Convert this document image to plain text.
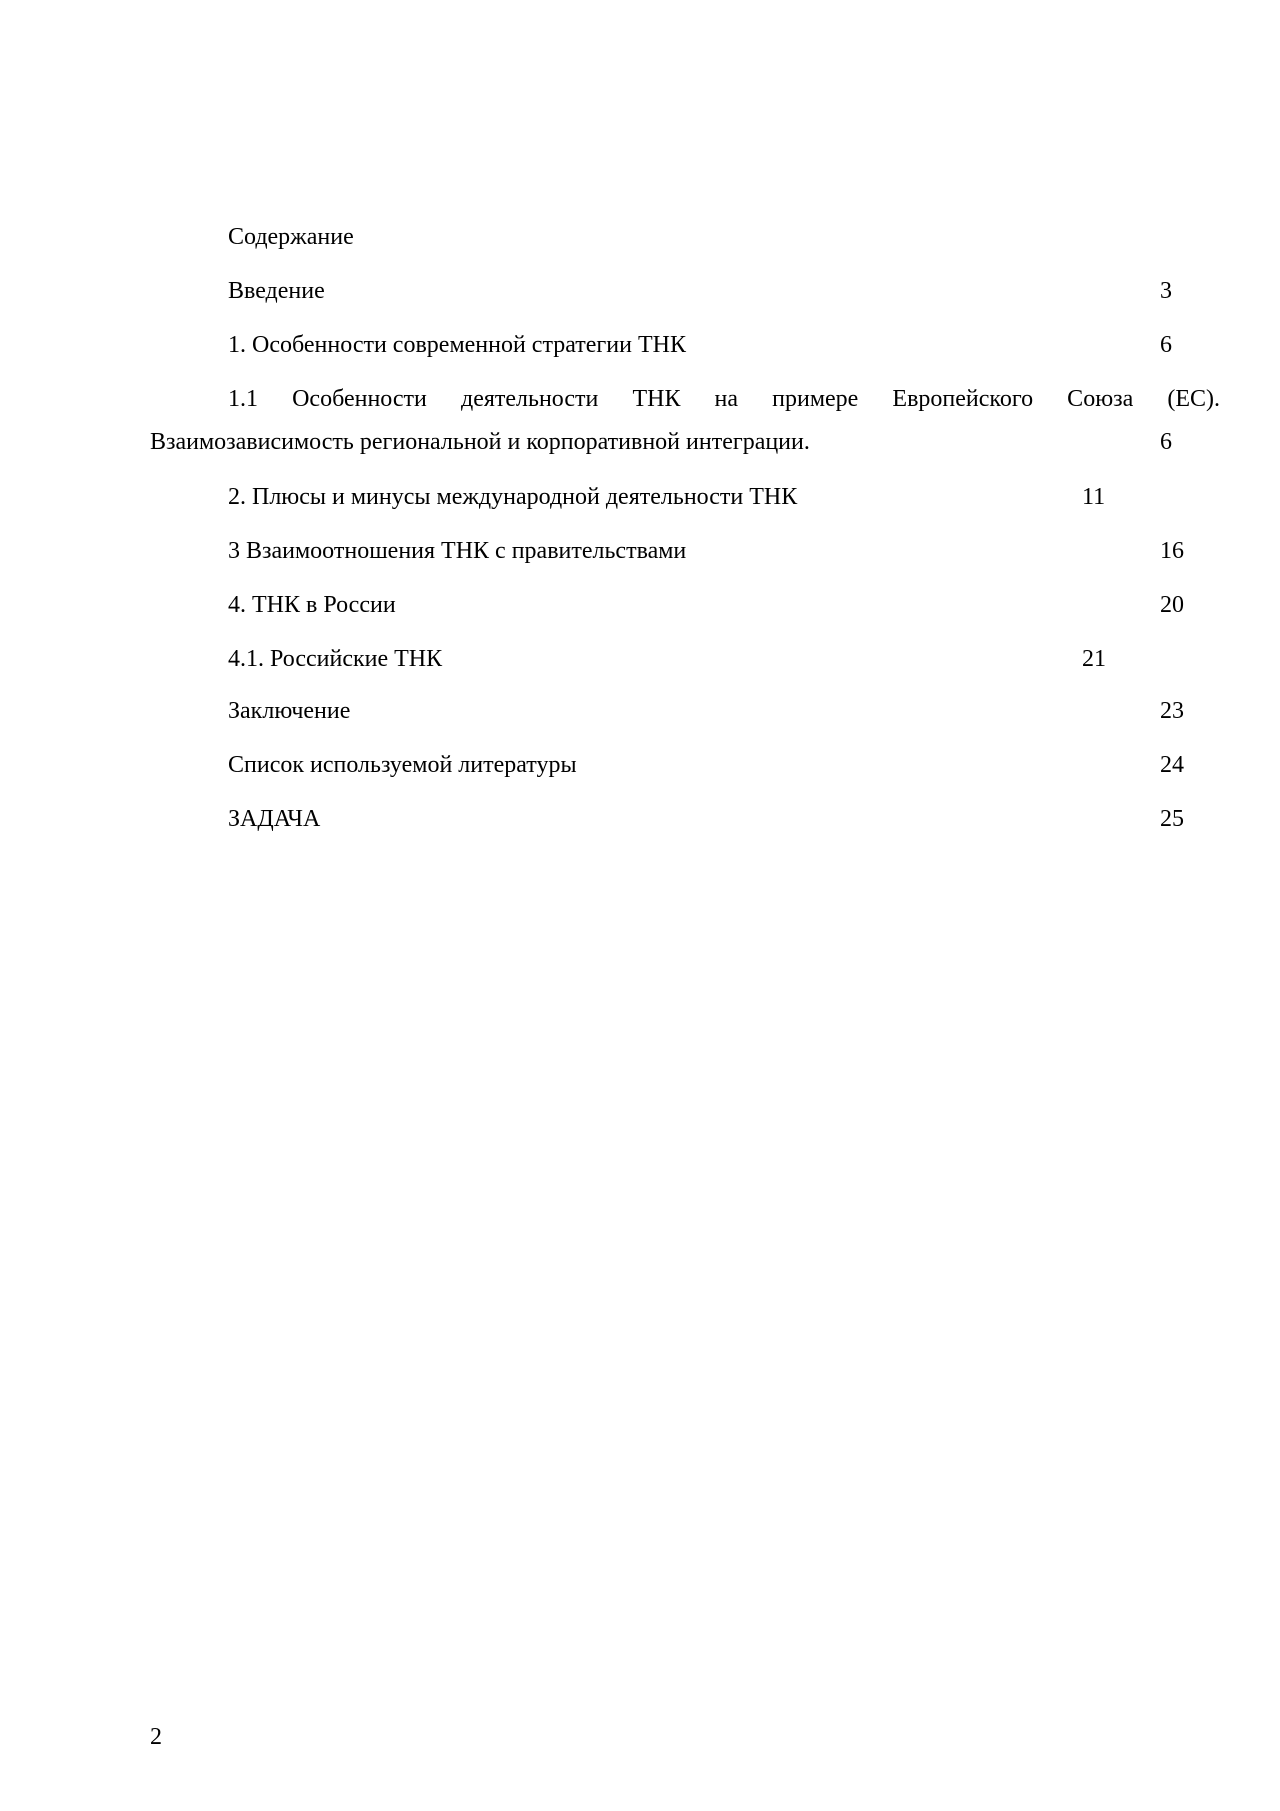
Содержание
Введение	3
1. Особенности современной стратегии ТНК	6
1.1 Особенности деятельности ТНК на примере Европейского Союза (ЕС).
Взаимозависимость региональной и корпоративной интеграции.	6
2. Плюсы и минусы международной деятельности ТНК	11
3 Взаимоотношения ТНК с правительствами	16
4. ТНК в России	20
4.1. Российские ТНК	21
Заключение	23
Список используемой литературы	24
ЗАДАЧА	25
2
